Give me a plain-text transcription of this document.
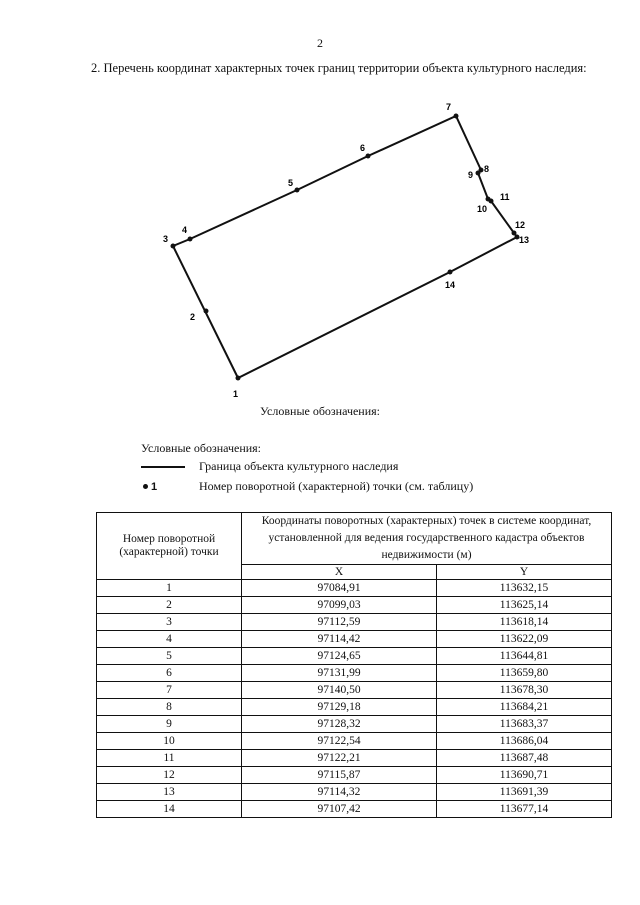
2
2. Перечень координат характерных точек границ территории объекта культурного наследия:
1
2
3
4
5
6
7
8
9
10
11
12
13
14
Условные обозначения:
Условные обозначения:
Граница объекта культурного наследия
1	Номер поворотной (характерной) точки (см. таблицу)
Номер поворотной (характерной) точки	Координаты поворотных (характерных) точек в системе координат, установленной для ведения государственного кадастра объектов недвижимости (м)	
	X	Y
1	97084,91	113632,15
2	97099,03	113625,14
3	97112,59	113618,14
4	97114,42	113622,09
5	97124,65	113644,81
6	97131,99	113659,80
7	97140,50	113678,30
8	97129,18	113684,21
9	97128,32	113683,37
10	97122,54	113686,04
11	97122,21	113687,48
12	97115,87	113690,71
13	97114,32	113691,39
14	97107,42	113677,14
